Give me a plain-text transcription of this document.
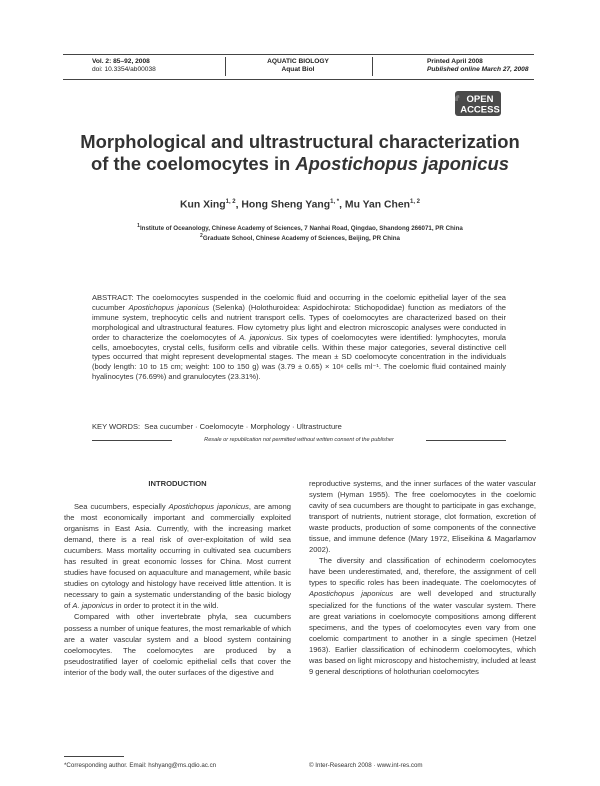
Vol. 2: 85–92, 2008
doi: 10.3354/ab00038
AQUATIC BIOLOGY
Aquat Biol
Printed April 2008
Published online March 27, 2008
OPEN
ACCESS
Morphological and ultrastructural characterization
of the coelomocytes in Apostichopus japonicus
Kun Xing$^{1, 2}$, Hong Sheng Yang$^{1, *}$, Mu Yan Chen$^{1, 2}$
$^1$Institute of Oceanology, Chinese Academy of Sciences, 7 Nanhai Road, Qingdao, Shandong 266071, PR China
$^2$Graduate School, Chinese Academy of Sciences, Beijing, PR China
ABSTRACT: The coelomocytes suspended in the coelomic fluid and occurring in the coelomic epithelial layer of the sea cucumber Apostichopus japonicus (Selenka) (Holothuroidea: Aspidochirota: Stichopodidae) function as mediators of the immune system, trephocytic cells and nutrient transport cells. Types of coelomocytes are characterized based on their morphological and ultrastructural features. Flow cytometry plus light and electron microscopic analyses were conducted in order to characterize the coelomocytes of A. japonicus. Six types of coelomocytes were identified: lymphocytes, morula cells, amoebocytes, crystal cells, fusiform cells and vibratile cells. Within these major categories, several distinctive cell types occurred that might represent developmental stages. The mean ± SD coelomocyte concentration in the individuals (body length: 10 to 15 cm; weight: 100 to 150 g) was (3.79 ± 0.65) × 10⁶ cells ml⁻¹. The coelomic fluid contained mainly hyalinocytes (76.69%) and granulocytes (23.31%).
KEY WORDS: Sea cucumber · Coelomocyte · Morphology · Ultrastructure
Resale or republication not permitted without written consent of the publisher
INTRODUCTION

Sea cucumbers, especially Apostichopus japonicus, are among the most economically important and commercially exploited organisms in East Asia. Currently, with the increasing market demand, there is a real risk of over-exploitation of wild sea cucumbers. Mass mortality occurring in cultivated sea cucumbers has resulted in great economic losses for China. Most current studies have focused on aquaculture and management, while basic studies on cytology and histology have received little attention. It is necessary to gain a systematic understanding of the basic biology of A. japonicus in order to protect it in the wild.

Compared with other invertebrate phyla, sea cucumbers possess a number of unique features, the most remarkable of which are a water vascular system and a blood system containing coelomocytes. The coelomocytes are produced by a pseudostratified layer of coelomic epithelial cells that cover the interior of the body wall, the outer surfaces of the digestive and

reproductive systems, and the inner surfaces of the water vascular system (Hyman 1955). The free coelomocytes in the coelomic cavity of sea cucumbers are thought to participate in gas exchange, transport of nutrients, nutrient storage, clot formation, excretion of waste products, production of some components of the connective tissue, and immune defence (Mary 1972, Eliseikina & Magarlamov 2002).

The diversity and classification of echinoderm coelomocytes have been underestimated, and, therefore, the assignment of cell types to specific roles has been inadequate. The coelomocytes of Apostichopus japonicus are well developed and structurally specialized for the functions of the water vascular system. There are great variations in coelomocyte compositions among different specimens, and the types of coelomocytes even vary from one coelomic compartment to another in a single specimen (Hetzel 1963). Earlier classification of echinoderm coelomocytes, which was based on light microscopy and histochemistry, included at least 9 general descriptions of holothurian coelomocytes

*Corresponding author. Email: hshyang@ms.qdio.ac.cn	© Inter-Research 2008 · www.int-res.com
